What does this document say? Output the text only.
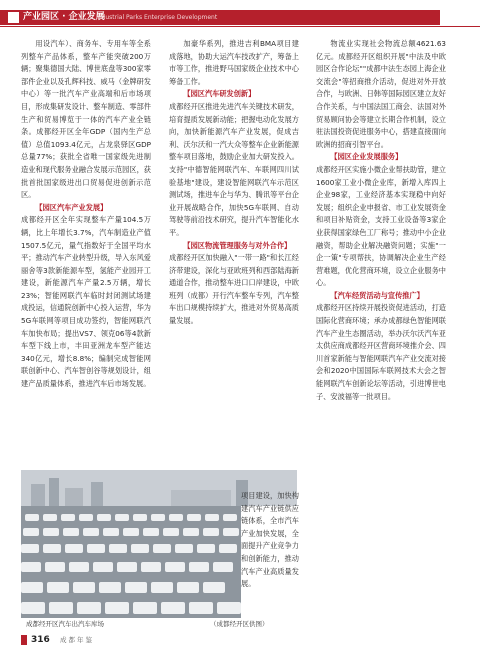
产业园区 · 企业发展
Industrial Parks Enterprise Development

用设汽车）、商务车、专用车等全系列整车产品体系，整车产能突破200万辆；聚集德国大陆、博世底盘等300家零部件企业以及孔辉科技、威马（金牌研发中心）等一批汽车产业高端和后市场项目，形成集研发设计、整车制造、零部件生产和贸易博览于一体的汽车产业全链条。成都经开区全年GDP（国内生产总值）总值1093.4亿元，占龙泉驿区GDP总量77%；获批全省唯一国家级先进制造业和现代服务业融合发展示范园区，获批首批国家级进出口贸易促进创新示范区。

【园区汽车产业发展】
成都经开区全年实现整车产量104.5万辆，比上年增长3.7%，汽车制造业产值1507.5亿元，量气指数好于全国平均水平；推动汽车产业转型升级，导入东风爱丽舍等3款新能源车型，氢能产业园开工建设，新能源汽车产量2.5万辆，增长23%；智能网联汽车临时封闭测试场建成投运，信通院创新中心投入运营，华为5G车联网等项目成功签约，智能网联汽车加快布局；提出VS7、领克06等4款新车型下线上市，丰田亚洲龙车型产能达340亿元，增长8.8%；编制完成智能网联创新中心、汽车智创谷等规划设计，组建产品质量体系，推进汽车后市场发展。

加豪华系列，推进吉利BMA项目建成落地，协助大运汽车技改扩产，筹备上市等工作，推进野马国家级企业技术中心筹备工作。

【园区汽车研发创新】
成都经开区推进先进汽车关键技术研发，培育提质发展新动能；把握电动化发展方向，加快新能源汽车产业发展，促成吉利、沃尔沃和一汽大众等整车企业新能源整车项目落地，鼓励企业加大研发投入。支持"中德智能网联汽车、车联网四川试验基地"建设，建设智能网联汽车示范区测试场，推进车企与华为、腾讯等平台企业开展战略合作，加快5G车联网、自动驾驶等前沿技术研究，提升汽车智能化水平。

【园区物流管理服务与对外合作】
成都经开区加快融入"一带一路"和长江经济带建设，深化与亚欧班列和西部陆海新通道合作，推动整车进口口岸建设，中欧班列（成都）开行汽车整车专列，汽车整车出口规模持续扩大，推进对外贸易高质量发展。

物流业实现社会物流总额4621.63亿元。成都经开区组织开展"中法及中欧园区合作论坛""成都中法生态园上海企业交流会"等招商推介活动，促进对外开放合作，与欧洲、日韩等国际园区建立友好合作关系，与中国法国工商会、法国对外贸易顾问协会等建立长期合作机制，设立驻法国投资促进服务中心，搭建直接面向欧洲的招商引智平台。

【园区企业发展服务】
成都经开区实施小微企业帮扶助管，建立1600家工业小微企业库，新增入库四上企业98家，工业经济基本实现稳中向好发展；组织企业申报省、市工业发展资金和项目补贴资金，支持工业设备等3家企业获得国家绿色工厂称号；推动中小企业融资，帮助企业解决融资问题；实施"一企一策"专项帮扶，协调解决企业生产经营难题，优化营商环境，设立企业服务中心。

【汽车经贸活动与宣传推广】
成都经开区持续开展投资促进活动，打造国际化营商环境；承办成都绿色智能网联汽车产业生态圈活动，举办沃尔沃汽车亚太供应商成都经开区营商环境推介会、四川首家新能与智能网联汽车产业交流对接会和2020中国国际车联网技术大会之智能网联汽车创新论坛等活动，引进博世电子、安波福等一批项目。

项目建设，加快构建汽车产业链供应链体系，全市汽车产业加快发展，全面提升产业竞争力和创新能力，推动汽车产业高质量发展。
成都经开区汽车出汽车库场	（成都经开区供图）
316 成都年鉴
